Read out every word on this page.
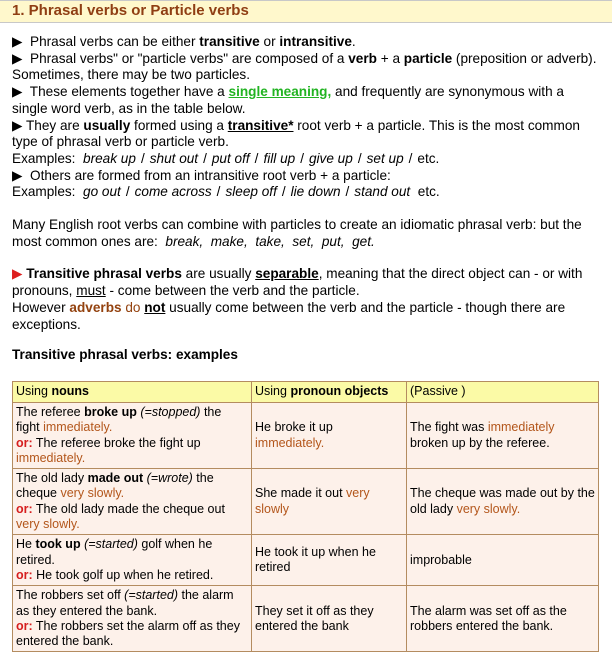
1. Phrasal verbs or Particle verbs

▶  Phrasal verbs can be either transitive or intransitive.

▶  Phrasal verbs" or "particle verbs" are composed of a verb + a particle (preposition or adverb). Sometimes, there may be two particles.

▶  These elements together have a single meaning, and frequently are synonymous with a single word verb, as in the table below.

▶ They are usually formed using a transitive* root verb + a particle. This is the most common type of phrasal verb or particle verb.

Examples: break up / shut out / put off / fill up / give up / set up / etc.

▶  Others are formed from an intransitive root verb + a particle:

Examples: go out / come across / sleep off / lie down / stand out etc.

Many English root verbs can combine with particles to create an idiomatic phrasal verb: but the most common ones are: break, make, take, set, put, get.

▶ Transitive phrasal verbs are usually separable, meaning that the direct object can - or with pronouns, must - come between the verb and the particle.

However adverbs do not usually come between the verb and the particle - though there are exceptions.

Transitive phrasal verbs: examples

Using nouns	Using pronoun objects	(Passive )
The referee broke up (=stopped) the fight immediately.
or: The referee broke the fight up immediately.	He broke it up immediately.	The fight was immediately broken up by the referee.
The old lady made out (=wrote) the cheque very slowly.
or: The old lady made the cheque out very slowly.	She made it out very slowly	The cheque was made out by the old lady very slowly.
He took up (=started) golf when he retired.
or: He took golf up when he retired.	He took it up when he retired	improbable
The robbers set off (=started) the alarm as they entered the bank.
or: The robbers set the alarm off as they entered the bank.	They set it off as they entered the bank	The alarm was set off as the robbers entered the bank.
